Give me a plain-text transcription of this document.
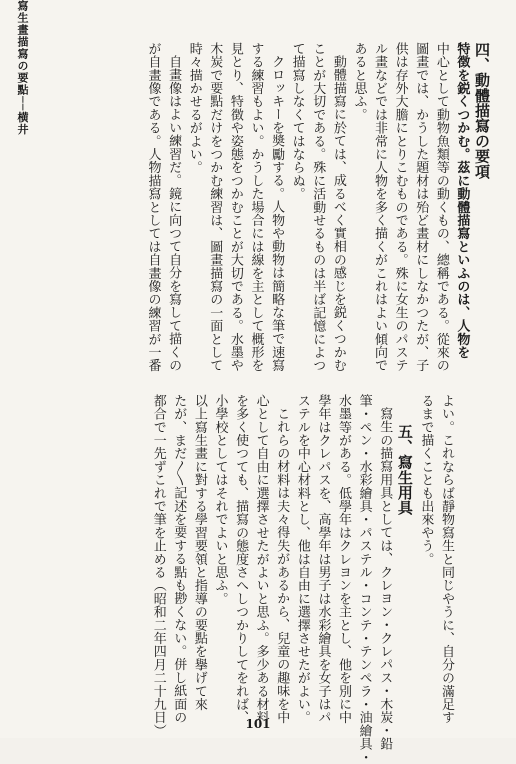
寫生畫描寫の要點──横井	四、動體描寫の要項
特徴を鋭くつかむ。茲に動體描寫といふのは、人物を
中心として動物魚類等の動くもの、總稱である。從來の
圖畫では、かうした題材は殆ど畫材にしなかつたが、子
供は存外大膽にとりこむものである。殊に女生のパステ
ル畫などでは非常に人物を多く描くがこれはよい傾向で
あると思ふ。
動體描寫に於ては、成るべく實相の感じを鋭くつかむ
ことが大切である。殊に活動せるものは半ば記憶によつ
て描寫しなくてはならぬ。
クロッキーを奬勵する。人物や動物は簡略な筆で速寫
する練習もよい。かうした場合には線を主として概形を
見とり、特徴や姿態をつかむことが大切である。水墨や
木炭で要點だけをつかむ練習は、圖畫描寫の一面として
時々描かせるがよい。
自畫像はよい練習だ。鏡に向つて自分を寫して描くの
が自畫像である。人物描寫としては自畫像の練習が一番
よい。これならば靜物寫生と同じやうに、自分の滿足す
るまで描くことも出來やう。
五、寫生用具
寫生の描寫用具としては、クレヨン・クレパス・木炭・鉛
筆・ペン・水彩繪具・パステル・コンテ・テンペラ・油繪具・
水墨等がある。低學年はクレヨンを主とし、他を別に中
學年はクレパスを、高學年は男子は水彩繪具を女子はパ
ステルを中心材料とし、他は自由に選擇させたがよい。
これらの材料は夫々得失があるから、兒童の趣味を中
心として自由に選擇させたがよいと思ふ。多少ある材料
を多く使つても、描寫の態度さへしつかりしてをれば、
小學校としてはそれでよいと思ふ。
以上寫生畫に對する學習要領と指導の要點を擧げて來
たが、まだ〳〵記述を要する點も尠くない。併し紙面の
都合で一先ずこれで筆を止める（昭和二年四月二十九日）	101
